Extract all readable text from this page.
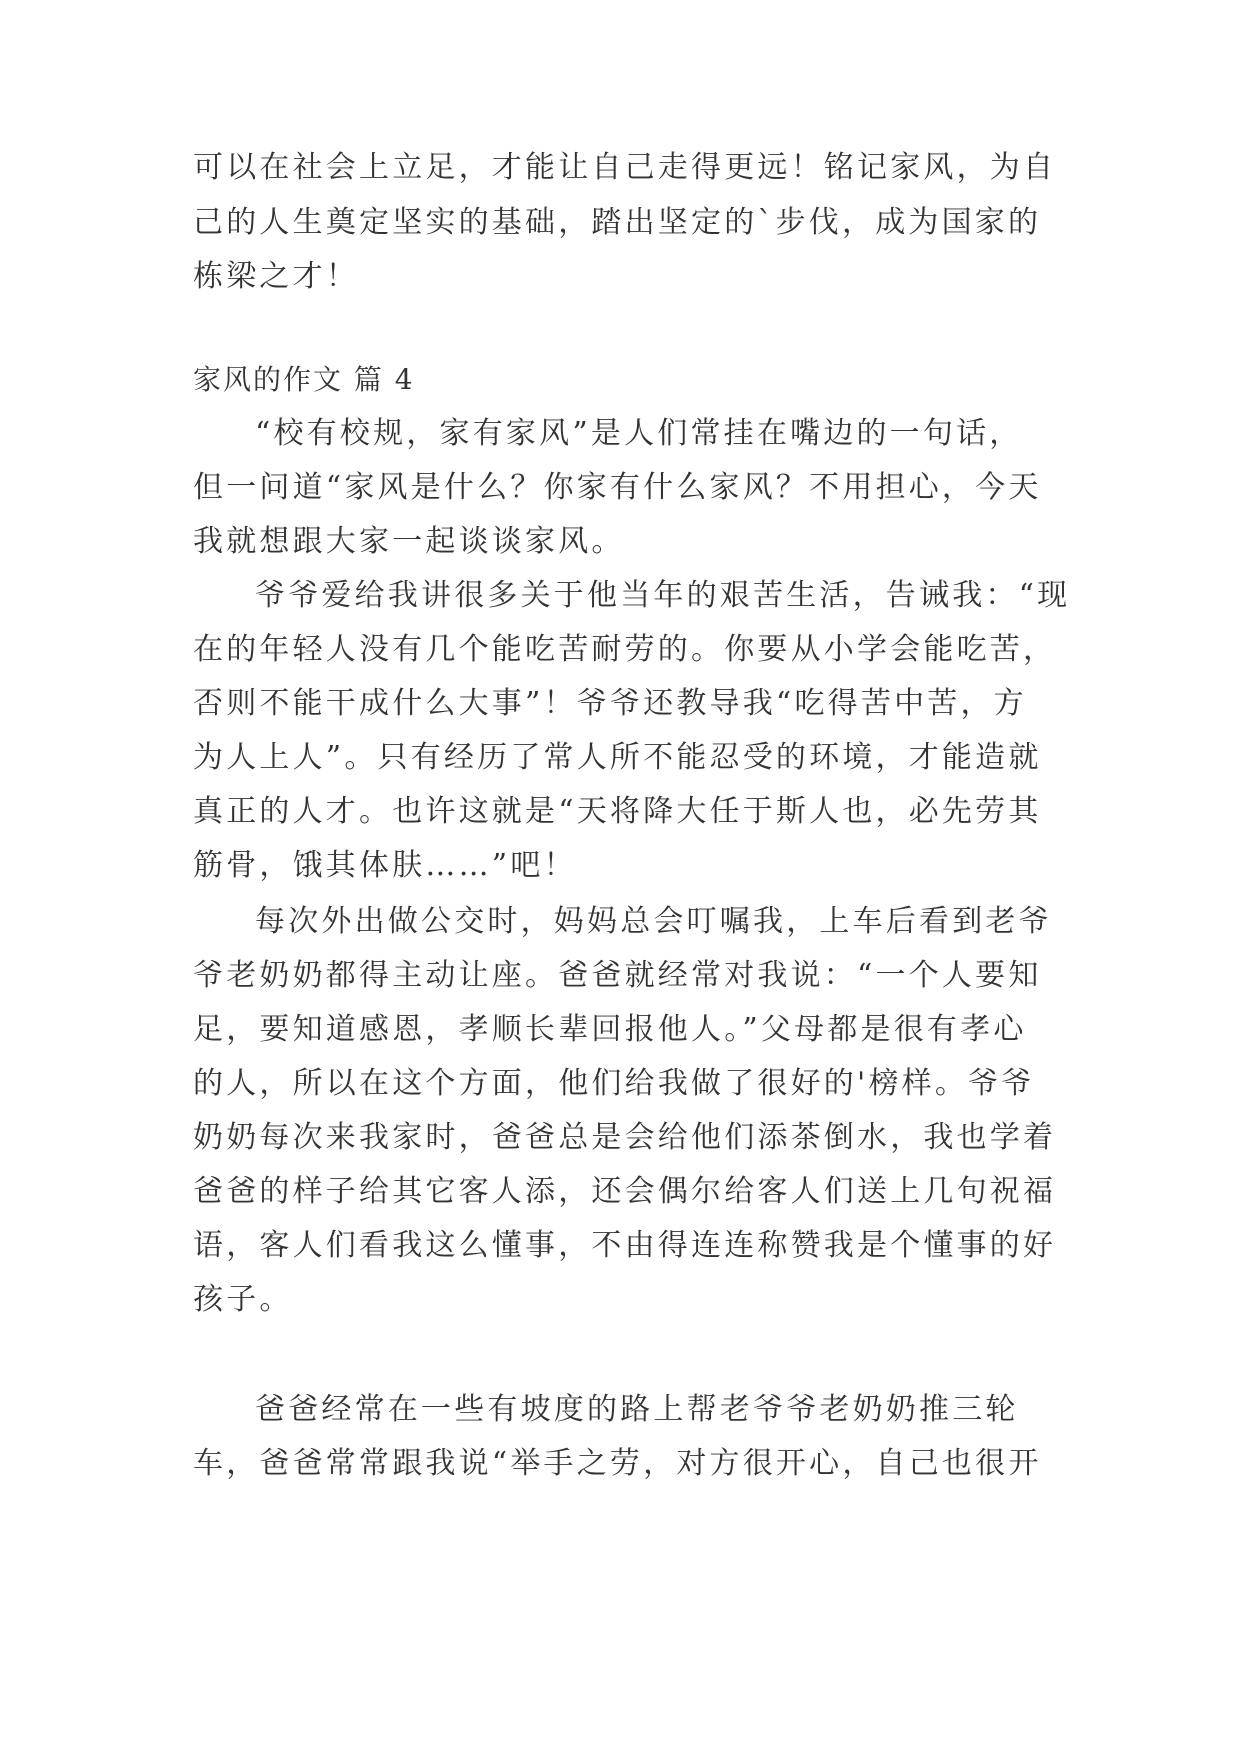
可以在社会上立足，才能让自己走得更远！铭记家风，为自
己的人生奠定坚实的基础，踏出坚定的`步伐，成为国家的
栋梁之才！
家风的作文 篇 4
“校有校规，家有家风”是人们常挂在嘴边的一句话，
但一问道“家风是什么？你家有什么家风？不用担心，今天
我就想跟大家一起谈谈家风。
爷爷爱给我讲很多关于他当年的艰苦生活，告诫我：“现
在的年轻人没有几个能吃苦耐劳的。你要从小学会能吃苦，
否则不能干成什么大事”！爷爷还教导我“吃得苦中苦，方
为人上人”。只有经历了常人所不能忍受的环境，才能造就
真正的人才。也许这就是“天将降大任于斯人也，必先劳其
筋骨，饿其体肤……”吧！
每次外出做公交时，妈妈总会叮嘱我，上车后看到老爷
爷老奶奶都得主动让座。爸爸就经常对我说：“一个人要知
足，要知道感恩，孝顺长辈回报他人。”父母都是很有孝心
的人，所以在这个方面，他们给我做了很好的'榜样。爷爷
奶奶每次来我家时，爸爸总是会给他们添茶倒水，我也学着
爸爸的样子给其它客人添，还会偶尔给客人们送上几句祝福
语，客人们看我这么懂事，不由得连连称赞我是个懂事的好
孩子。
爸爸经常在一些有坡度的路上帮老爷爷老奶奶推三轮
车，爸爸常常跟我说“举手之劳，对方很开心，自己也很开
